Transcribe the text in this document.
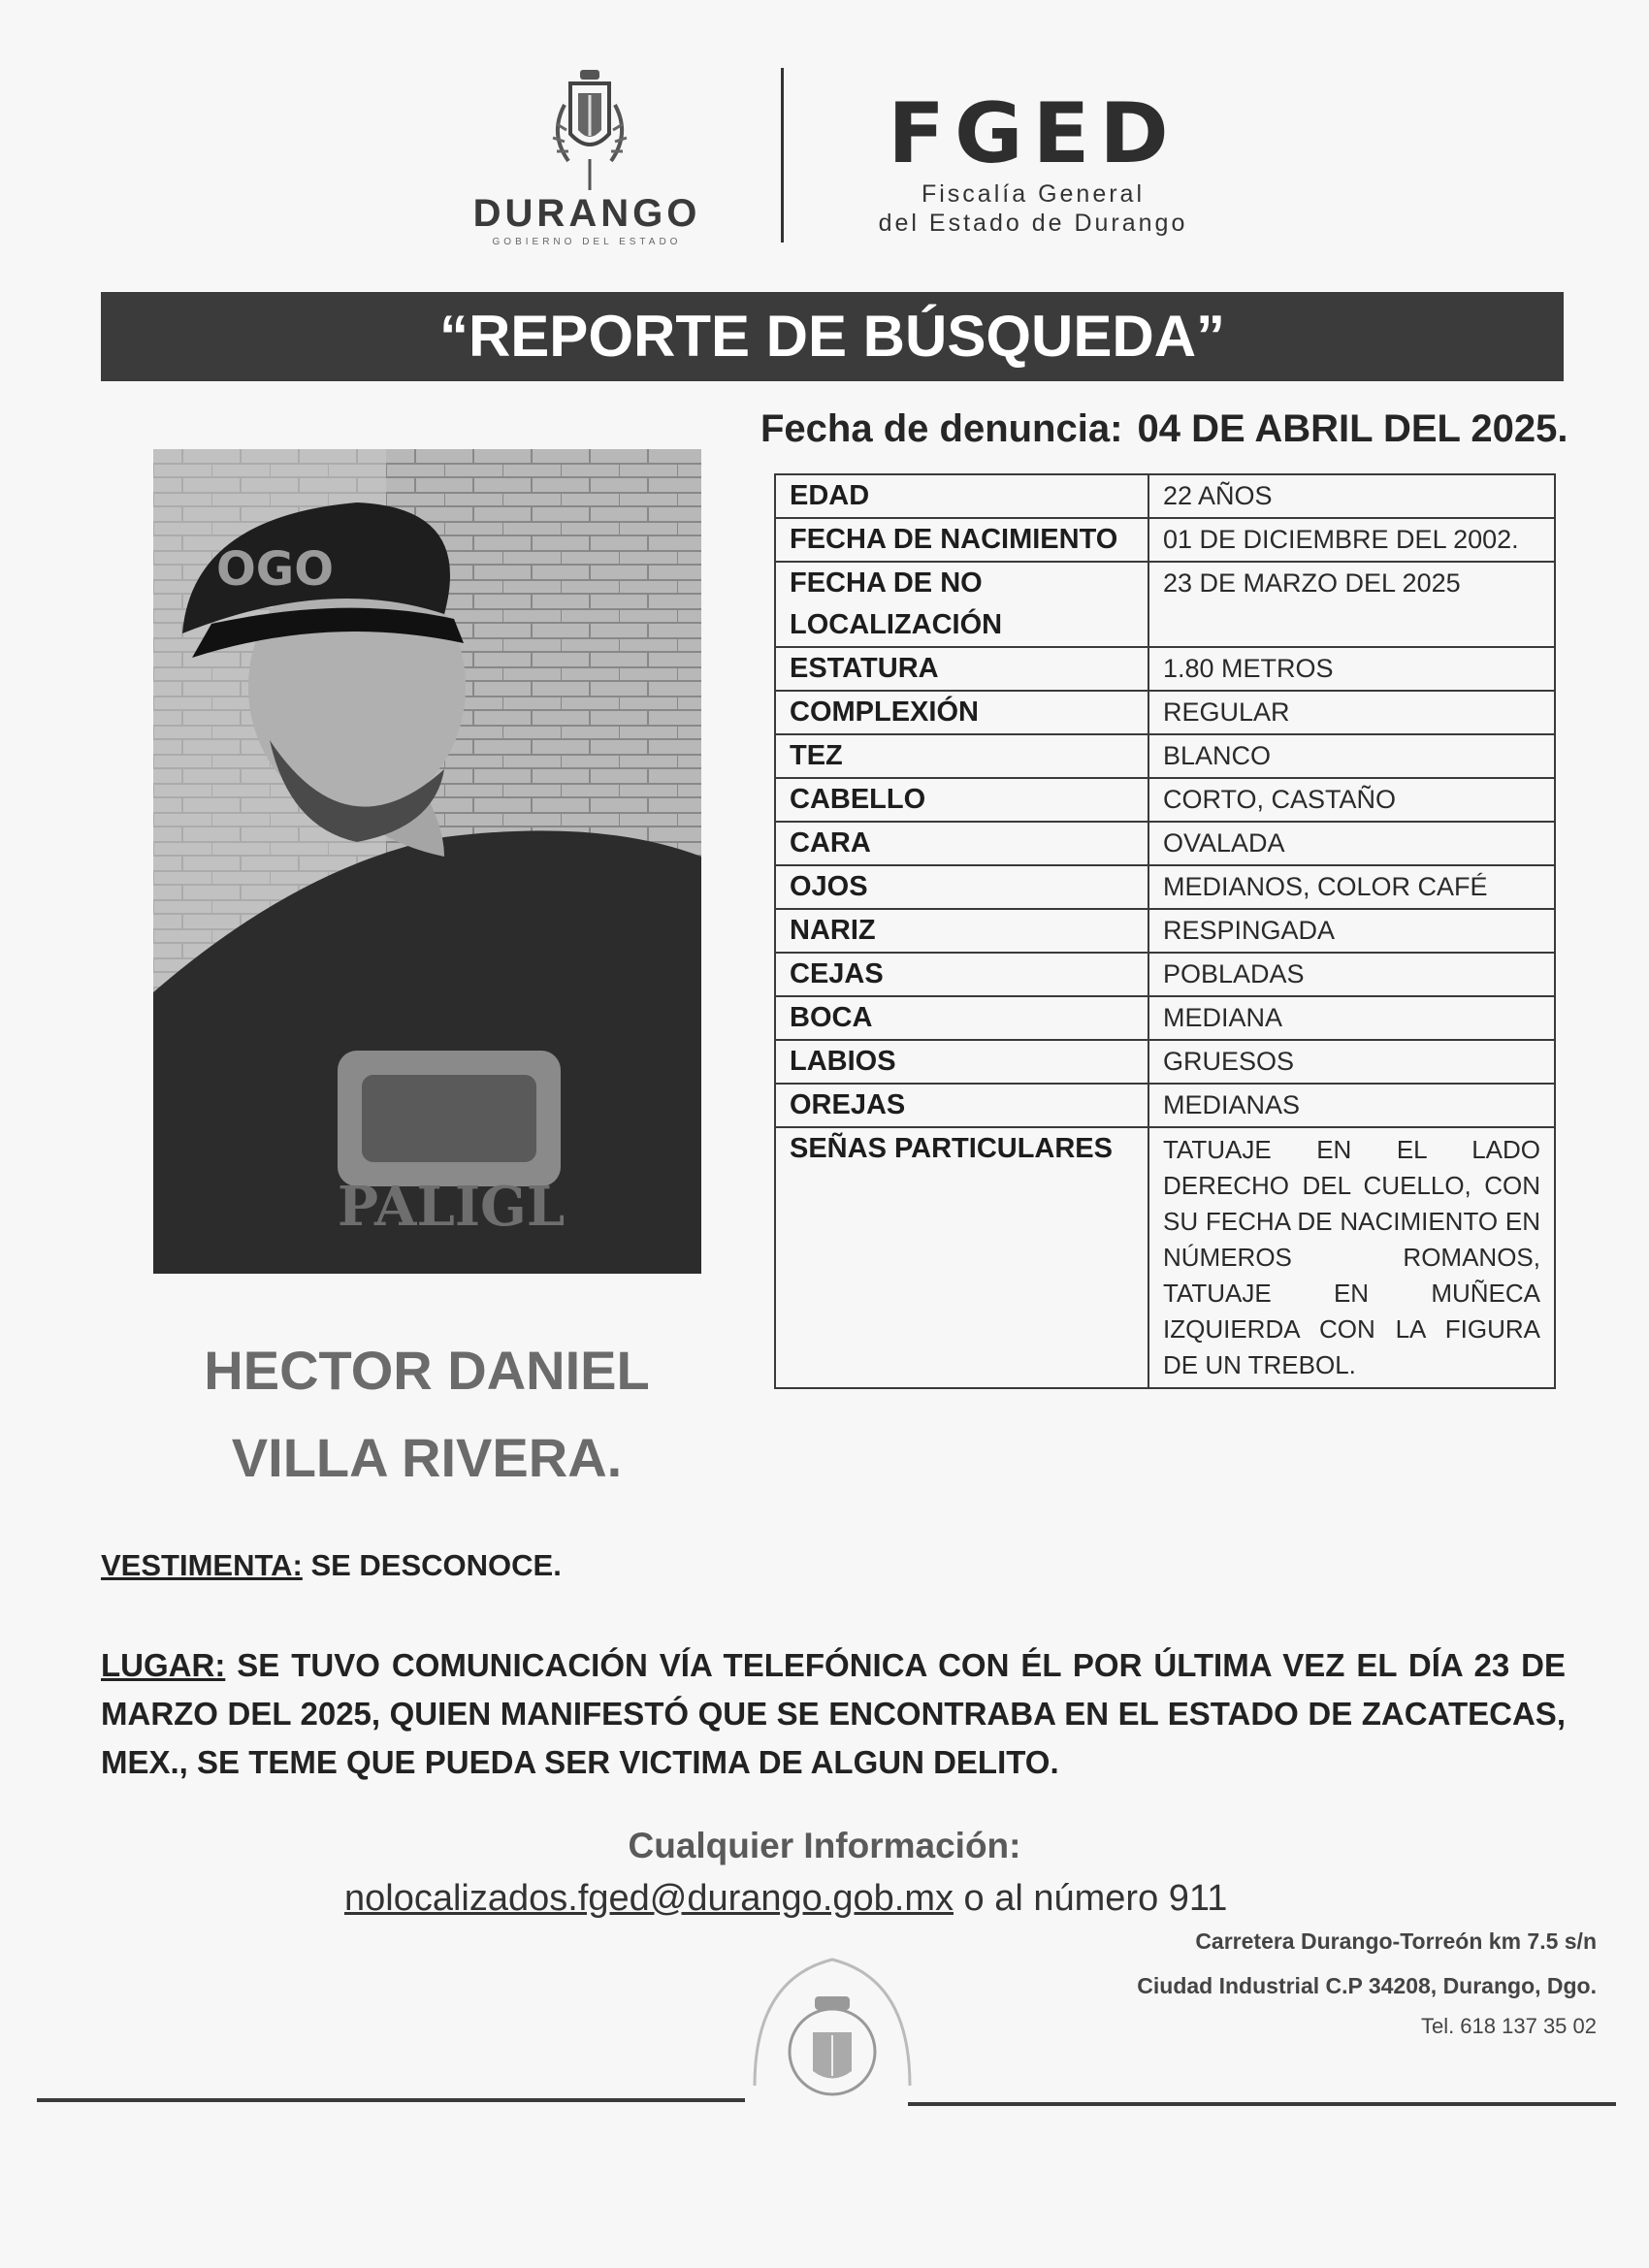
DURANGO
GOBIERNO DEL ESTADO
FGED
Fiscalía General
del Estado de Durango
“REPORTE DE BÚSQUEDA”
Fecha de denuncia: 04 DE ABRIL DEL 2025.
OGO
PALIGL
HECTOR DANIEL
VILLA RIVERA.
EDAD	22 AÑOS
FECHA DE NACIMIENTO	01 DE DICIEMBRE DEL 2002.
FECHA DE NO LOCALIZACIÓN	23 DE MARZO DEL 2025
ESTATURA	1.80 METROS
COMPLEXIÓN	REGULAR
TEZ	BLANCO
CABELLO	CORTO, CASTAÑO
CARA	OVALADA
OJOS	MEDIANOS, COLOR CAFÉ
NARIZ	RESPINGADA
CEJAS	POBLADAS
BOCA	MEDIANA
LABIOS	GRUESOS
OREJAS	MEDIANAS
SEÑAS PARTICULARES	TATUAJE EN EL LADO DERECHO DEL CUELLO, CON SU FECHA DE NACIMIENTO EN NÚMEROS ROMANOS, TATUAJE EN MUÑECA IZQUIERDA CON LA FIGURA DE UN TREBOL.
VESTIMENTA: SE DESCONOCE.
LUGAR: SE TUVO COMUNICACIÓN VÍA TELEFÓNICA CON ÉL POR ÚLTIMA VEZ EL DÍA 23 DE MARZO DEL 2025, QUIEN MANIFESTÓ QUE SE ENCONTRABA EN EL ESTADO DE ZACATECAS, MEX., SE TEME QUE PUEDA SER VICTIMA DE ALGUN DELITO.
Cualquier Información:
nolocalizados.fged@durango.gob.mx o al número 911
Carretera Durango-Torreón km 7.5 s/n
Ciudad Industrial C.P 34208, Durango, Dgo.
Tel. 618 137 35 02
